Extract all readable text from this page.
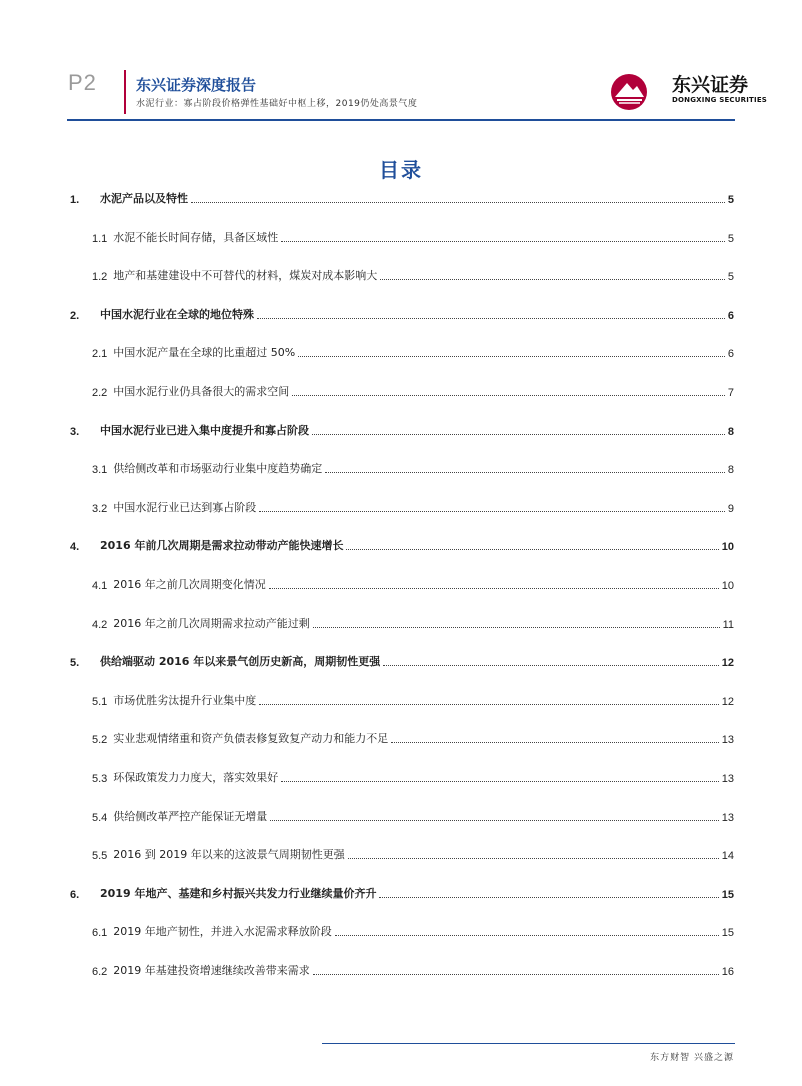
P2	东兴证券深度报告
水泥行业：寡占阶段价格弹性基础好中枢上移，2019仍处高景气度
东兴证券
DONGXING SECURITIES
目录
1.	水泥产品以及特性	5
1.1 水泥不能长时间存储，具备区域性	5
1.2 地产和基建建设中不可替代的材料，煤炭对成本影响大	5
2.	中国水泥行业在全球的地位特殊	6
2.1 中国水泥产量在全球的比重超过 50%	6
2.2 中国水泥行业仍具备很大的需求空间	7
3.	中国水泥行业已进入集中度提升和寡占阶段	8
3.1 供给侧改革和市场驱动行业集中度趋势确定	8
3.2 中国水泥行业已达到寡占阶段	9
4.	2016 年前几次周期是需求拉动带动产能快速增长	10
4.1 2016 年之前几次周期变化情况	10
4.2 2016 年之前几次周期需求拉动产能过剩	11
5.	供给端驱动 2016 年以来景气创历史新高，周期韧性更强	12
5.1 市场优胜劣汰提升行业集中度	12
5.2 实业悲观情绪重和资产负债表修复致复产动力和能力不足	13
5.3 环保政策发力力度大，落实效果好	13
5.4 供给侧改革严控产能保证无增量	13
5.5 2016 到 2019 年以来的这波景气周期韧性更强	14
6.	2019 年地产、基建和乡村振兴共发力行业继续量价齐升	15
6.1 2019 年地产韧性，并进入水泥需求释放阶段	15
6.2 2019 年基建投资增速继续改善带来需求	16
东方财智 兴盛之源
